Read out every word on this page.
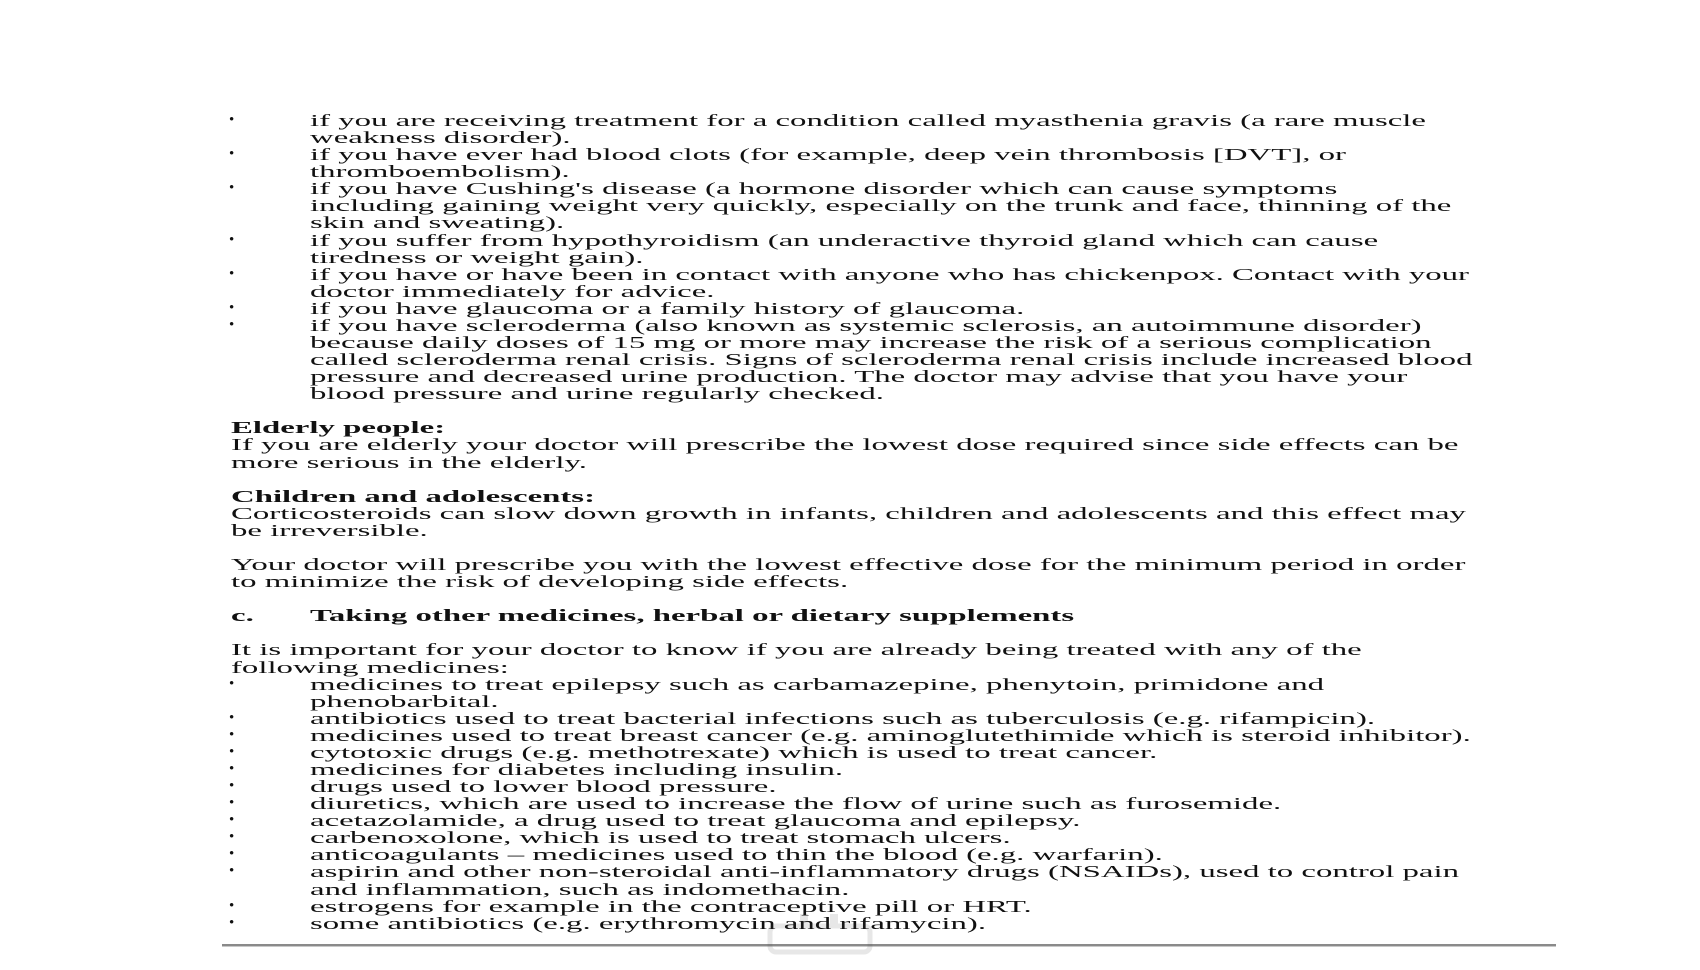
•	if you are receiving treatment for a condition called myasthenia gravis (a rare muscle
weakness disorder).
•	if you have ever had blood clots (for example, deep vein thrombosis [DVT], or
thromboembolism).
•	if you have Cushing's disease (a hormone disorder which can cause symptoms
including gaining weight very quickly, especially on the trunk and face, thinning of the
skin and sweating).
•	if you suffer from hypothyroidism (an underactive thyroid gland which can cause
tiredness or weight gain).
•	if you have or have been in contact with anyone who has chickenpox. Contact with your
doctor immediately for advice.
•	if you have glaucoma or a family history of glaucoma.
•	if you have scleroderma (also known as systemic sclerosis, an autoimmune disorder)
because daily doses of 15 mg or more may increase the risk of a serious complication
called scleroderma renal crisis. Signs of scleroderma renal crisis include increased blood
pressure and decreased urine production. The doctor may advise that you have your
blood pressure and urine regularly checked.
Elderly people:
If you are elderly your doctor will prescribe the lowest dose required since side effects can be
more serious in the elderly.
Children and adolescents:
Corticosteroids can slow down growth in infants, children and adolescents and this effect may
be irreversible.
Your doctor will prescribe you with the lowest effective dose for the minimum period in order
to minimize the risk of developing side effects.
c.	Taking other medicines, herbal or dietary supplements
It is important for your doctor to know if you are already being treated with any of the
following medicines:
•	medicines to treat epilepsy such as carbamazepine, phenytoin, primidone and
phenobarbital.
•	antibiotics used to treat bacterial infections such as tuberculosis (e.g. rifampicin).
•	medicines used to treat breast cancer (e.g. aminoglutethimide which is steroid inhibitor).
•	cytotoxic drugs (e.g. methotrexate) which is used to treat cancer.
•	medicines for diabetes including insulin.
•	drugs used to lower blood pressure.
•	diuretics, which are used to increase the flow of urine such as furosemide.
•	acetazolamide, a drug used to treat glaucoma and epilepsy.
•	carbenoxolone, which is used to treat stomach ulcers.
•	anticoagulants – medicines used to thin the blood (e.g. warfarin).
•	aspirin and other non-steroidal anti-inflammatory drugs (NSAIDs), used to control pain
and inflammation, such as indomethacin.
•	estrogens for example in the contraceptive pill or HRT.
•	some antibiotics (e.g. erythromycin and rifamycin).
